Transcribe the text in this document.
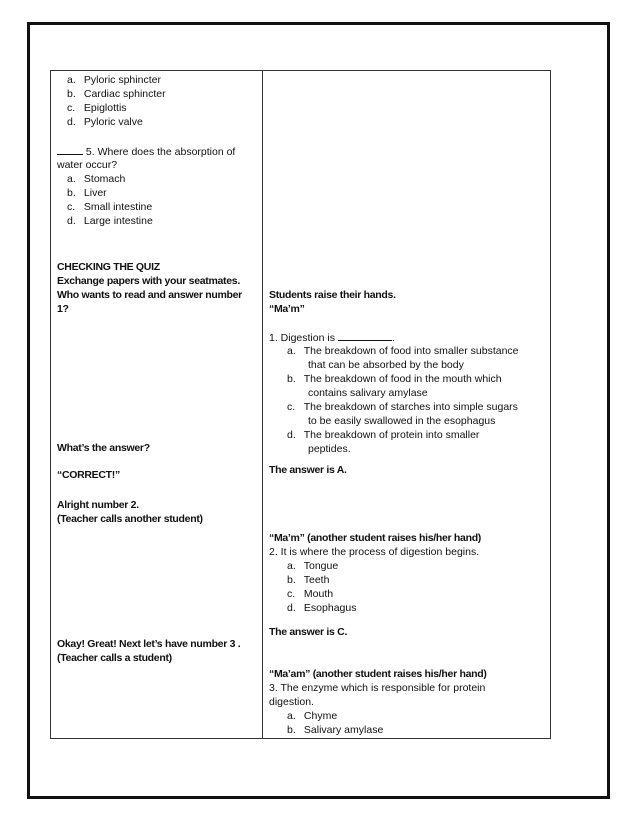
a. Pyloric sphincter
b. Cardiac sphincter
c. Epiglottis
d. Pyloric valve
5. Where does the absorption of
water occur?
a. Stomach
b. Liver
c. Small intestine
d. Large intestine
CHECKING THE QUIZ
Exchange papers with your seatmates.
Who wants to read and answer number
1?
What’s the answer?
“CORRECT!”
Alright number 2.
(Teacher calls another student)
Okay! Great! Next let’s have number 3 .
(Teacher calls a student)
Students raise their hands.
“Ma’m”
1. Digestion is	.
a. The breakdown of food into smaller substance
that can be absorbed by the body
b. The breakdown of food in the mouth which
contains salivary amylase
c. The breakdown of starches into simple sugars
to be easily swallowed in the esophagus
d. The breakdown of protein into smaller
peptides.
The answer is A.
“Ma’m” (another student raises his/her hand)
2. It is where the process of digestion begins.
a. Tongue
b. Teeth
c. Mouth
d. Esophagus
The answer is C.
“Ma’am” (another student raises his/her hand)
3. The enzyme which is responsible for protein
digestion.
a. Chyme
b. Salivary amylase
